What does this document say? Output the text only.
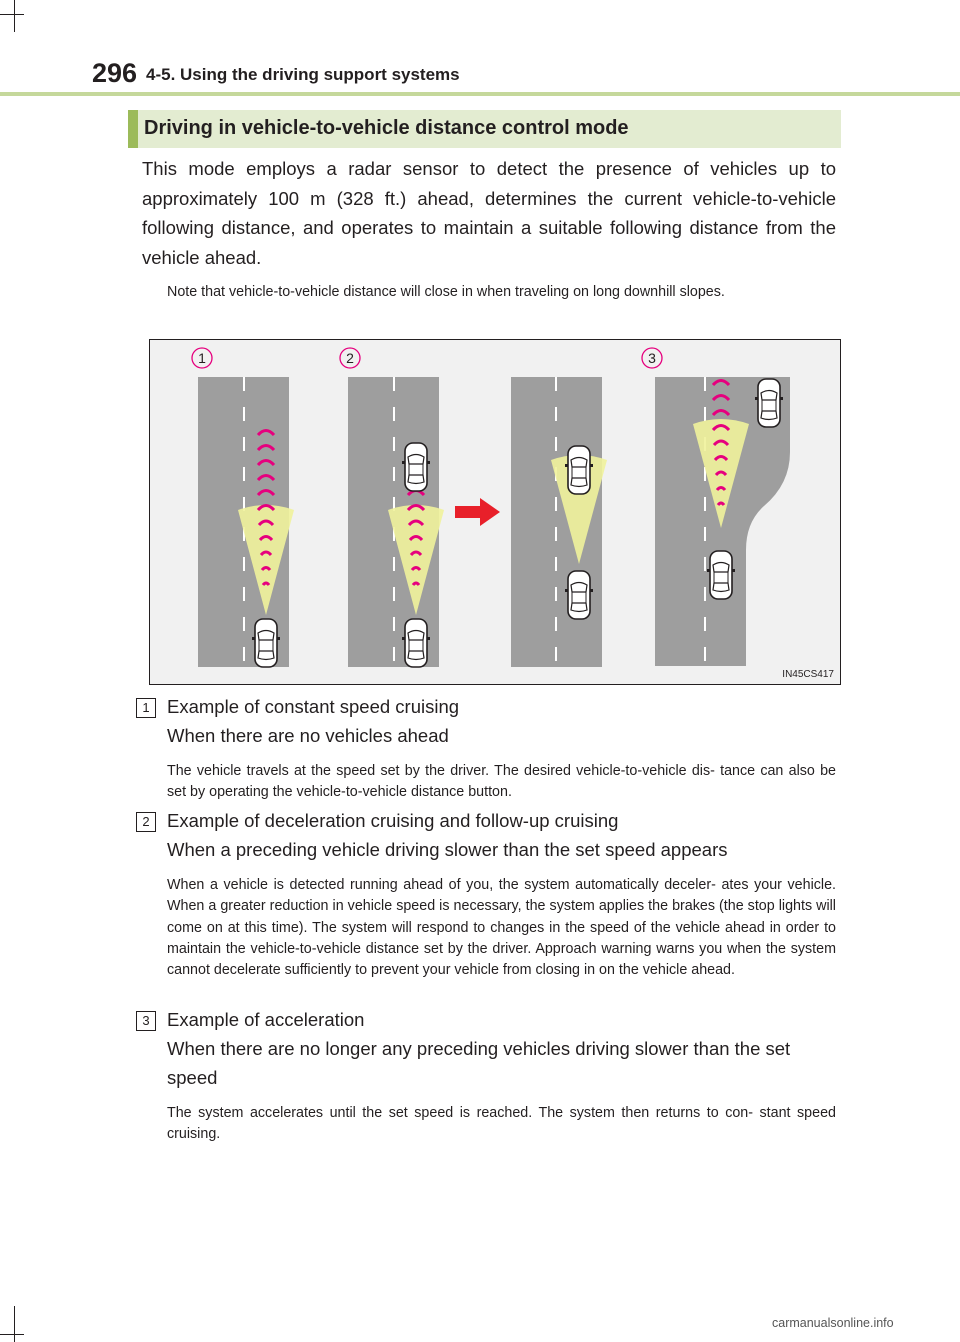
296 4-5. Using the driving support systems
Driving in vehicle-to-vehicle distance control mode

This mode employs a radar sensor to detect the presence of vehicles up to approximately 100 m (328 ft.) ahead, determines the current vehicle-to-vehicle following distance, and operates to maintain a suitable following distance from the vehicle ahead.

Note that vehicle-to-vehicle distance will close in when traveling on long downhill slopes.

1	2	3
IN45CS417
1 Example of constant speed cruising
When there are no vehicles ahead

The vehicle travels at the speed set by the driver. The desired vehicle-to-vehicle dis- tance can also be set by operating the vehicle-to-vehicle distance button.

2 Example of deceleration cruising and follow-up cruising
When a preceding vehicle driving slower than the set speed appears

When a vehicle is detected running ahead of you, the system automatically deceler- ates your vehicle. When a greater reduction in vehicle speed is necessary, the system applies the brakes (the stop lights will come on at this time). The system will respond to changes in the speed of the vehicle ahead in order to maintain the vehicle-to-vehicle distance set by the driver. Approach warning warns you when the system cannot decelerate sufficiently to prevent your vehicle from closing in on the vehicle ahead.

3 Example of acceleration
When there are no longer any preceding vehicles driving slower than the set speed

The system accelerates until the set speed is reached. The system then returns to con- stant speed cruising.

carmanualsonline.info
